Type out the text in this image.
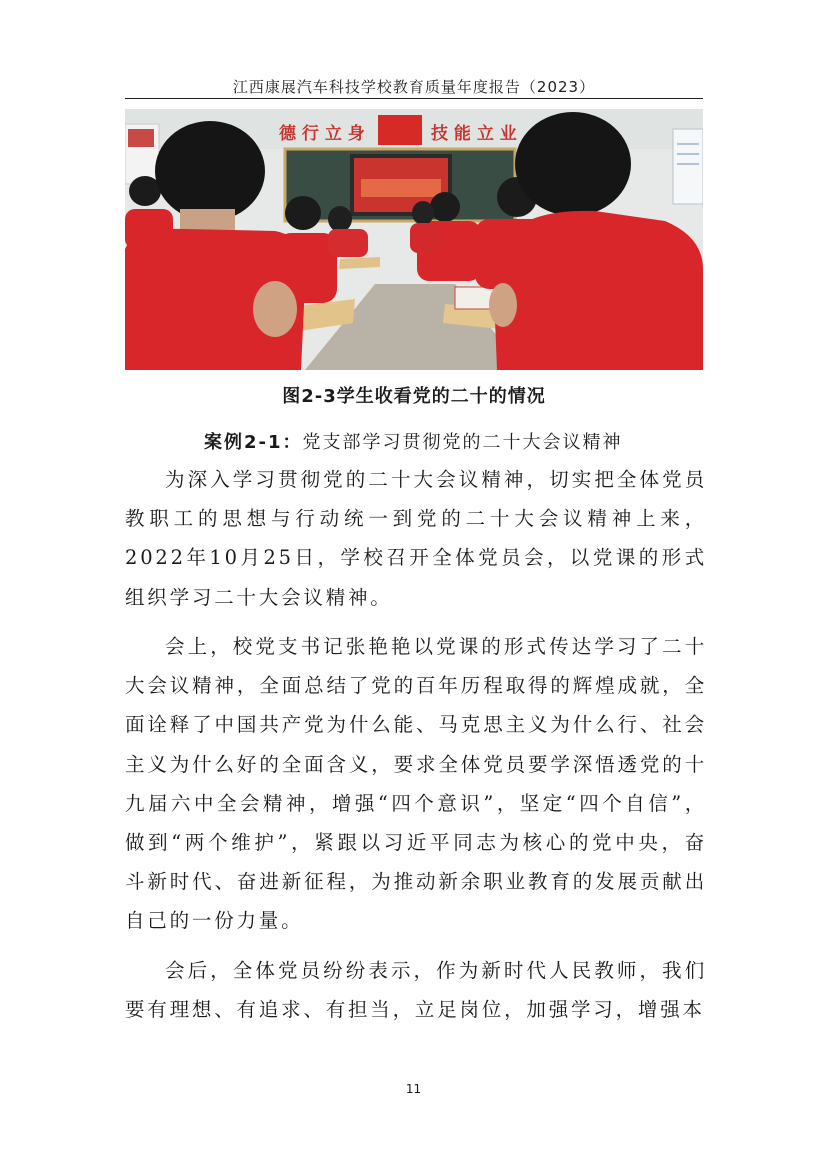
江西康展汽车科技学校教育质量年度报告（2023）
德 行 立 身	技 能 立 业
图2-3学生收看党的二十的情况
案例2-1：党支部学习贯彻党的二十大会议精神

为深入学习贯彻党的二十大会议精神，切实把全体党员教职工的思想与行动统一到党的二十大会议精神上来，2022年10月25日，学校召开全体党员会，以党课的形式组织学习二十大会议精神。

会上，校党支书记张艳艳以党课的形式传达学习了二十大会议精神，全面总结了党的百年历程取得的辉煌成就，全面诠释了中国共产党为什么能、马克思主义为什么行、社会主义为什么好的全面含义，要求全体党员要学深悟透党的十九届六中全会精神，增强“四个意识”，坚定“四个自信”，做到“两个维护”，紧跟以习近平同志为核心的党中央，奋斗新时代、奋进新征程，为推动新余职业教育的发展贡献出自己的一份力量。

会后，全体党员纷纷表示，作为新时代人民教师，我们要有理想、有追求、有担当，立足岗位，加强学习，增强本

11
